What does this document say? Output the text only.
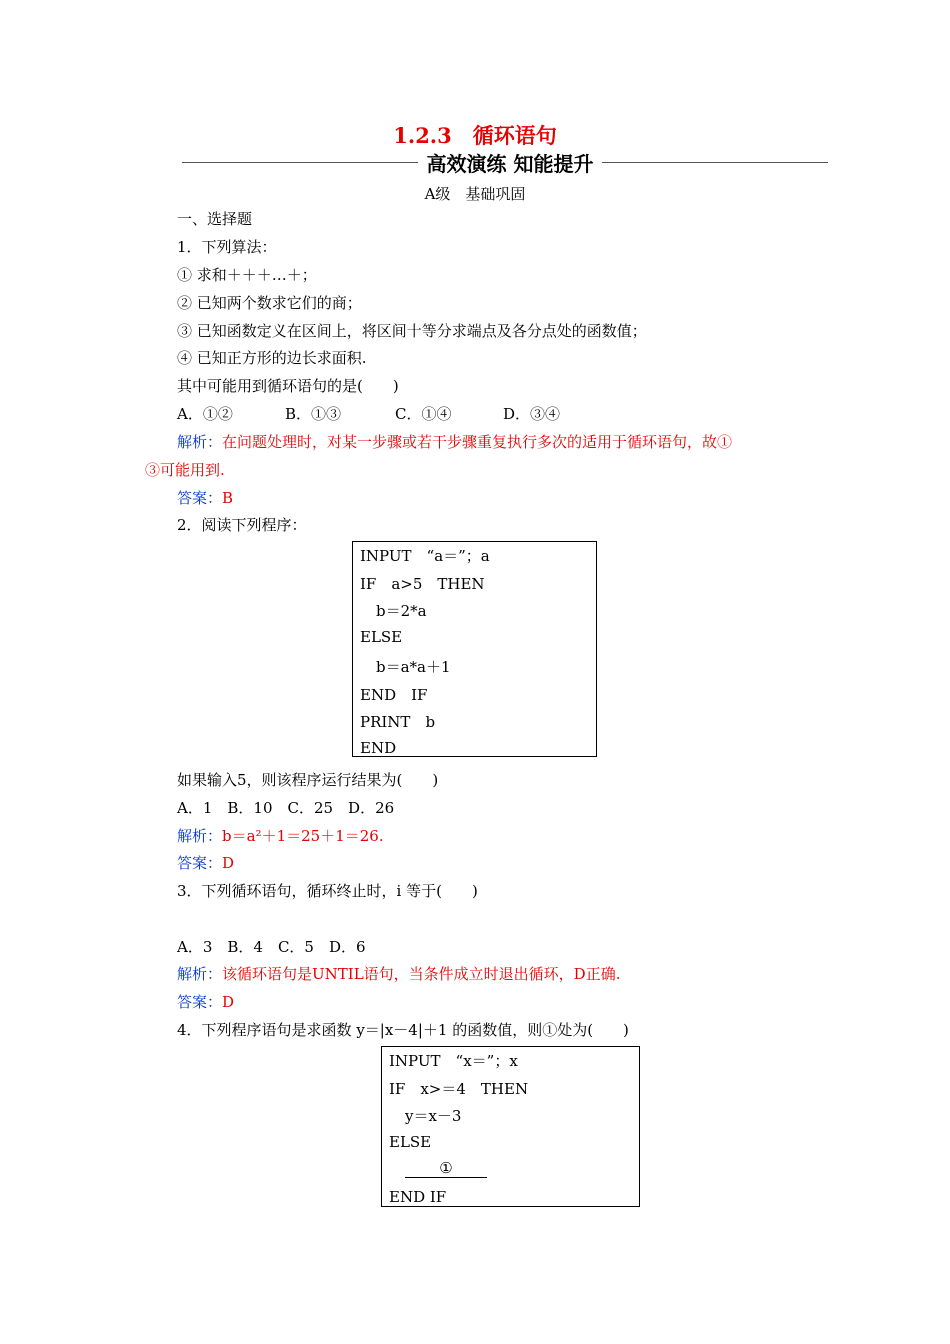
1.2.3　循环语句
高效演练 知能提升
A级　基础巩固
一、选择题
1．下列算法：
① 求和＋＋＋…＋；
② 已知两个数求它们的商；
③ 已知函数定义在区间上，将区间十等分求端点及各分点处的函数值；
④ 已知正方形的边长求面积.
其中可能用到循环语句的是(　　)
A．①②	B．①③	C．①④	D．③④
解析：在问题处理时，对某一步骤或若干步骤重复执行多次的适用于循环语句，故①
③可能用到.
答案：B
2．阅读下列程序：
INPUT　“a＝”；a
IF　a>5　THEN
b＝2*a
ELSE
b＝a*a＋1
END　IF
PRINT　b
END
如果输入5，则该程序运行结果为(　　)
A．1　B．10　C．25　D．26
解析：b＝a²＋1＝25＋1＝26.
答案：D
3．下列循环语句，循环终止时，i 等于(　　)
A．3　B．4　C．5　D．6
解析：该循环语句是UNTIL语句，当条件成立时退出循环，D正确.
答案：D
4．下列程序语句是求函数 y＝|x－4|＋1 的函数值，则①处为(　　)
INPUT　“x＝”；x
IF　x>＝4　THEN
y＝x－3
ELSE
①
END IF
